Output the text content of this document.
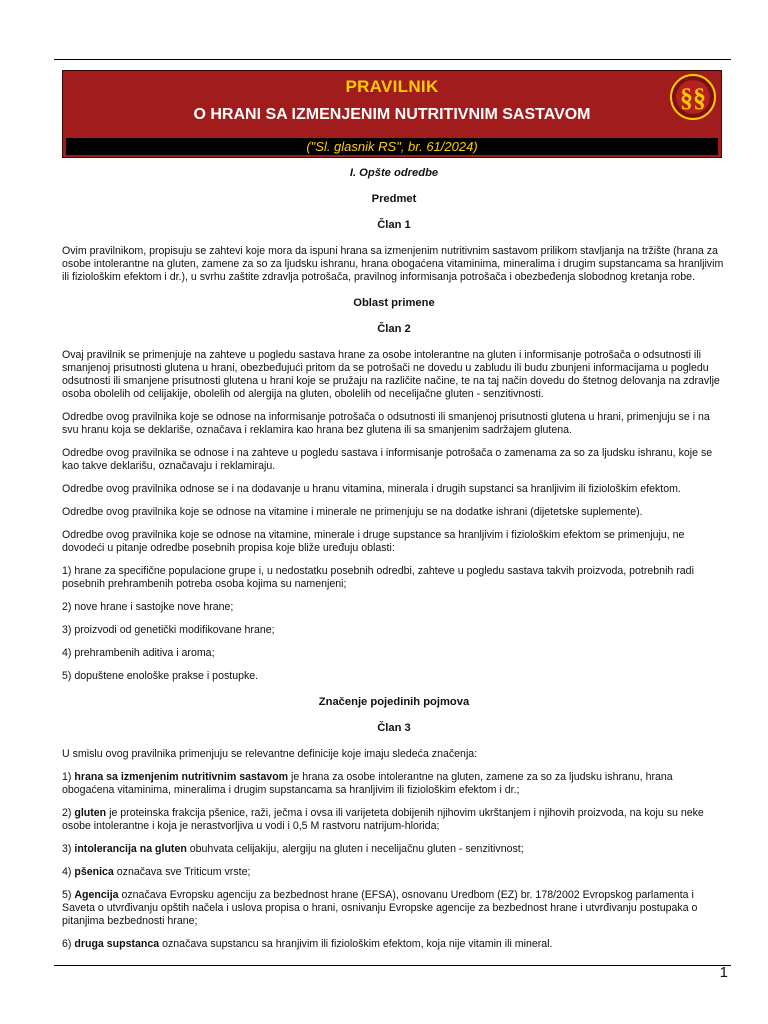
PRAVILNIK
O HRANI SA IZMENJENIM NUTRITIVNIM SASTAVOM
("Sl. glasnik RS", br. 61/2024)
§§
I. Opšte odredbe
Predmet
Član 1

Ovim pravilnikom, propisuju se zahtevi koje mora da ispuni hrana sa izmenjenim nutritivnim sastavom prilikom stavljanja na tržište (hrana za osobe intolerantne na gluten, zamene za so za ljudsku ishranu, hrana obogaćena vitaminima, mineralima i drugim supstancama sa hranljivim ili fiziološkim efektom i dr.), u svrhu zaštite zdravlja potrošača, pravilnog informisanja potrošača i obezbeđenja slobodnog kretanja robe.

Oblast primene
Član 2

Ovaj pravilnik se primenjuje na zahteve u pogledu sastava hrane za osobe intolerantne na gluten i informisanje potrošača o odsutnosti ili smanjenoj prisutnosti glutena u hrani, obezbeđujući pritom da se potrošači ne dovedu u zabludu ili budu zbunjeni informacijama u pogledu odsutnosti ili smanjene prisutnosti glutena u hrani koje se pružaju na različite načine, te na taj način dovedu do štetnog delovanja na zdravlje osoba obolelih od celijakije, obolelih od alergija na gluten, obolelih od neceliјačne gluten - senzitivnosti.

Odredbe ovog pravilnika koje se odnose na informisanje potrošača o odsutnosti ili smanjenoj prisutnosti glutena u hrani, primenjuju se i na svu hranu koja se deklariše, označava i reklamira kao hrana bez glutena ili sa smanjenim sadržajem glutena.

Odredbe ovog pravilnika se odnose i na zahteve u pogledu sastava i informisanje potrošača o zamenama za so za ljudsku ishranu, koje se kao takve deklarišu, označavaju i reklamiraju.

Odredbe ovog pravilnika odnose se i na dodavanje u hranu vitamina, minerala i drugih supstanci sa hranljivim ili fiziološkim efektom.

Odredbe ovog pravilnika koje se odnose na vitamine i minerale ne primenjuju se na dodatke ishrani (dijetetske suplemente).

Odredbe ovog pravilnika koje se odnose na vitamine, minerale i druge supstance sa hranljivim i fiziološkim efektom se primenjuju, ne dovodeći u pitanje odredbe posebnih propisa koje bliže uređuju oblasti:

1) hrane za specifične populacione grupe i, u nedostatku posebnih odredbi, zahteve u pogledu sastava takvih proizvoda, potrebnih radi posebnih prehrambenih potreba osoba kojima su namenjeni;

2) nove hrane i sastojke nove hrane;

3) proizvodi od genetički modifikovane hrane;

4) prehrambenih aditiva i aroma;

5) dopuštene enološke prakse i postupke.

Značenje pojedinih pojmova
Član 3

U smislu ovog pravilnika primenjuju se relevantne definicije koje imaju sledeća značenja:

1) hrana sa izmenjenim nutritivnim sastavom je hrana za osobe intolerantne na gluten, zamene za so za ljudsku ishranu, hrana obogaćena vitaminima, mineralima i drugim supstancama sa hranljivim ili fiziološkim efektom i dr.;

2) gluten je proteinska frakcija pšenice, raži, ječma i ovsa ili varijeteta dobijenih njihovim ukrštanjem i njihovih proizvoda, na koju su neke osobe intolerantne i koja je nerastvorljiva u vodi i 0,5 M rastvoru natrijum-hlorida;

3) intolerancija na gluten obuhvata celijakiju, alergiju na gluten i neceliјačnu gluten - senzitivnost;

4) pšenica označava sve Triticum vrste;

5) Agencija označava Evropsku agenciju za bezbednost hrane (EFSA), osnovanu Uredbom (EZ) br. 178/2002 Evropskog parlamenta i Saveta o utvrđivanju opštih načela i uslova propisa o hrani, osnivanju Evropske agencije za bezbednost hrane i utvrđivanju postupaka o pitanjima bezbednosti hrane;

6) druga supstanca označava supstancu sa hranjivim ili fiziološkim efektom, koja nije vitamin ili mineral.

1
